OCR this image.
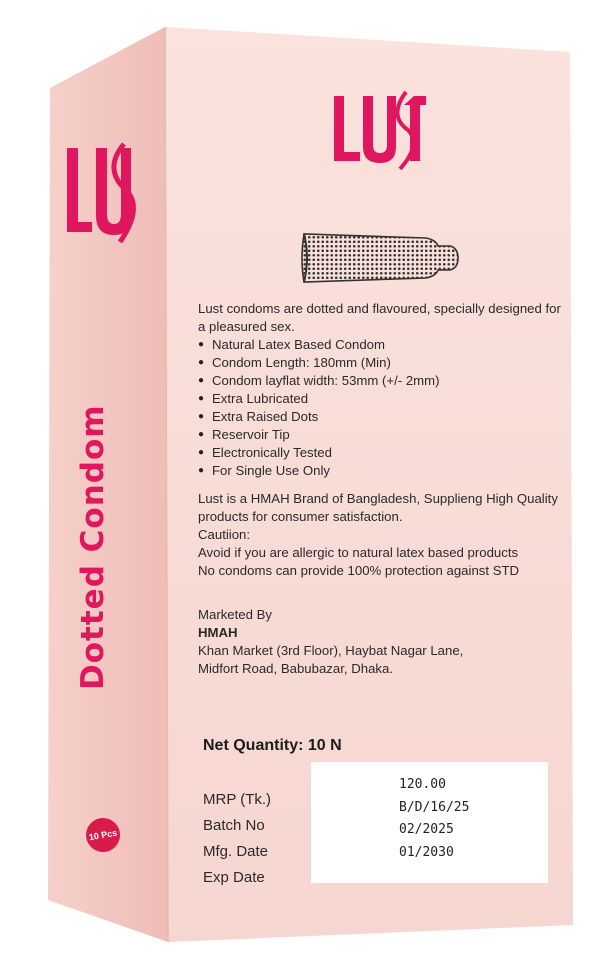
Dotted Condom
10 Pcs

Lust condoms are dotted and flavoured, specially designed for a pleasured sex.

● Natural Latex Based Condom
● Condom Length: 180mm (Min)
● Condom layflat width: 53mm (+/- 2mm)
● Extra Lubricated
● Extra Raised Dots
● Reservoir Tip
● Electronically Tested
● For Single Use Only

Lust is a HMAH Brand of Bangladesh, Supplieng High Quality products for consumer satisfaction.

Cautiion:

Avoid if you are allergic to natural latex based products

No condoms can provide 100% protection against STD

Marketed By

HMAH

Khan Market (3rd Floor), Haybat Nagar Lane,

Midfort Road, Babubazar, Dhaka.

Net Quantity: 10 N
MRP (Tk.)
Batch No
Mfg. Date
Exp Date
120.00
B/D/16/25
02/2025
01/2030
